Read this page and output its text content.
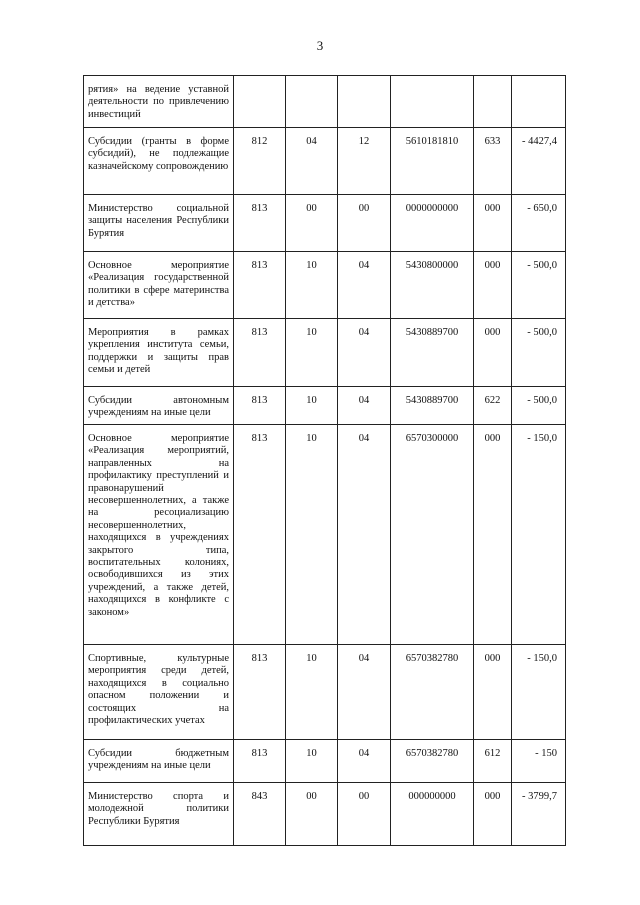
3
рятия» на ведение уставной деятельности по привлечению инвестиций						

Субсидии (гранты в форме субсидий), не подлежащие казначейскому сопровождению	812	04	12	5610181810	633	- 4427,4

Министерство социальной защиты населения Республики Бурятия	813	00	00	0000000000	000	- 650,0

Основное мероприятие «Реализация государственной политики в сфере материнства и детства»	813	10	04	5430800000	000	- 500,0

Мероприятия в рамках укрепления института семьи, поддержки и защиты прав семьи и детей	813	10	04	5430889700	000	- 500,0

Субсидии автономным учреждениям на иные цели	813	10	04	5430889700	622	- 500,0

Основное мероприятие «Реализация мероприятий, направленных на профилактику преступлений и правонарушений несовершеннолетних, а также на ресоциализацию несовершеннолетних, находящихся в учреждениях закрытого типа, воспитательных колониях, освободившихся из этих учреждений, а также детей, находящихся в конфликте с законом»	813	10	04	6570300000	000	- 150,0

Спортивные, культурные мероприятия среди детей, находящихся в социально опасном положении и состоящих на профилактических учетах	813	10	04	6570382780	000	- 150,0

Субсидии бюджетным учреждениям на иные цели	813	10	04	6570382780	612	- 150

Министерство спорта и молодежной политики Республики Бурятия	843	00	00	000000000	000	- 3799,7
